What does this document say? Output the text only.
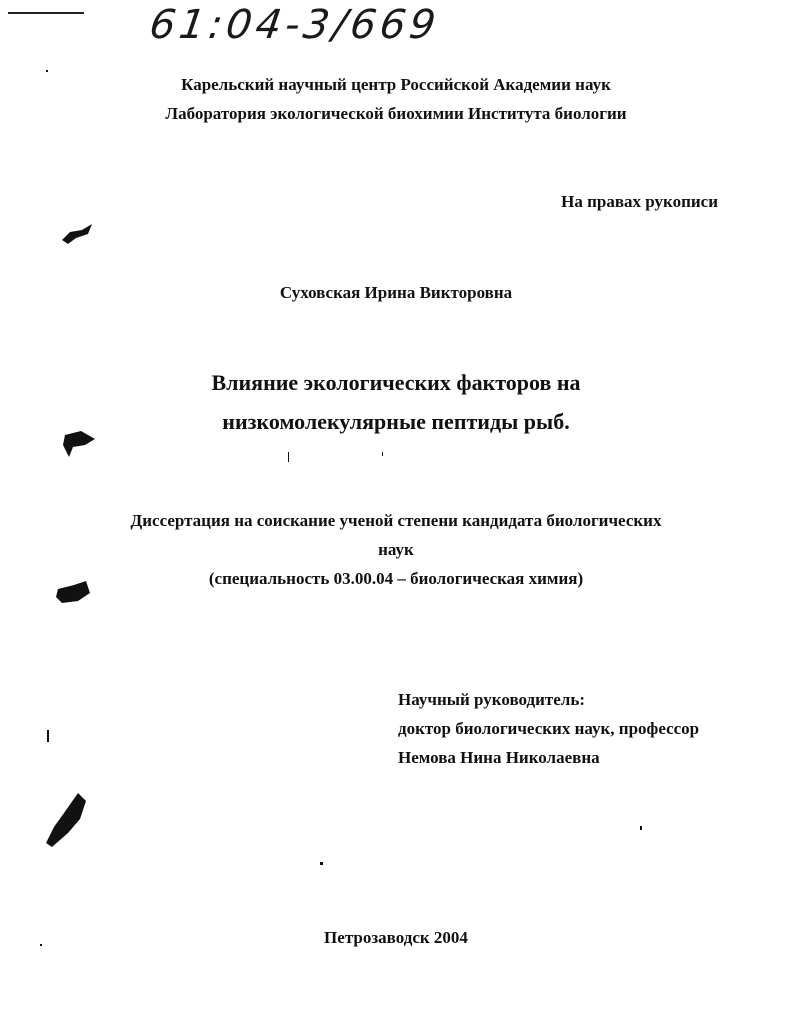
61:04-3/669
Карельский научный центр Российской Академии наук
Лаборатория экологической биохимии Института биологии
На правах рукописи
Суховская Ирина Викторовна
Влияние экологических факторов на
низкомолекулярные пептиды рыб.
Диссертация на соискание ученой степени кандидата биологических
наук
(специальность 03.00.04 – биологическая химия)
Научный руководитель:
доктор биологических наук, профессор
Немова Нина Николаевна
Петрозаводск 2004
